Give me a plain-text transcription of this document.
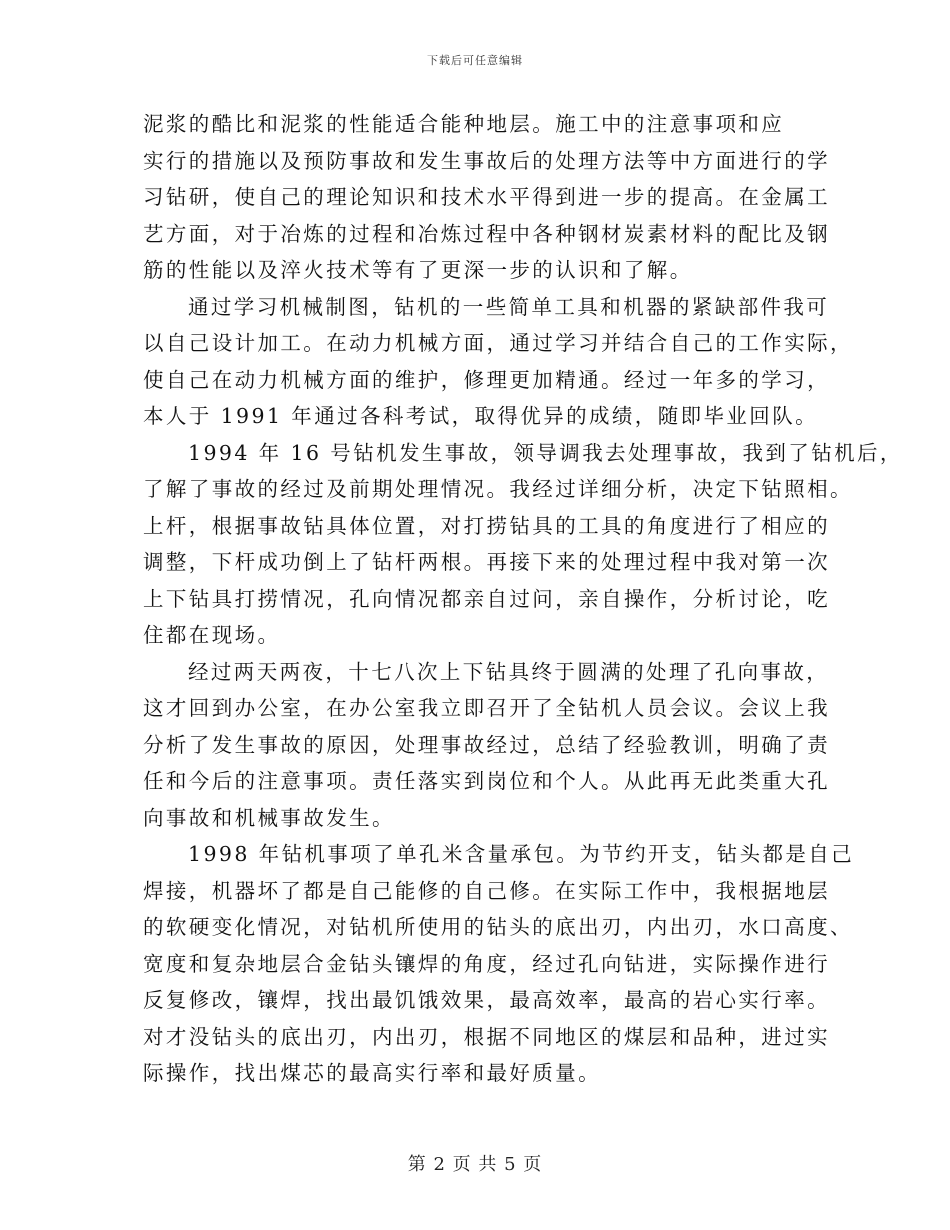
下载后可任意编辑
泥浆的酷比和泥浆的性能适合能种地层。施工中的注意事项和应
实行的措施以及预防事故和发生事故后的处理方法等中方面进行的学
习钻研，使自己的理论知识和技术水平得到进一步的提高。在金属工
艺方面，对于冶炼的过程和冶炼过程中各种钢材炭素材料的配比及钢
筋的性能以及淬火技术等有了更深一步的认识和了解。
通过学习机械制图，钻机的一些简单工具和机器的紧缺部件我可
以自己设计加工。在动力机械方面，通过学习并结合自己的工作实际，
使自己在动力机械方面的维护，修理更加精通。经过一年多的学习，
本人于 1991 年通过各科考试，取得优异的成绩，随即毕业回队。
1994 年 16 号钻机发生事故，领导调我去处理事故，我到了钻机后，
了解了事故的经过及前期处理情况。我经过详细分析，决定下钻照相。
上杆，根据事故钻具体位置，对打捞钻具的工具的角度进行了相应的
调整，下杆成功倒上了钻杆两根。再接下来的处理过程中我对第一次
上下钻具打捞情况，孔向情况都亲自过问，亲自操作，分析讨论，吃
住都在现场。
经过两天两夜，十七八次上下钻具终于圆满的处理了孔向事故，
这才回到办公室，在办公室我立即召开了全钻机人员会议。会议上我
分析了发生事故的原因，处理事故经过，总结了经验教训，明确了责
任和今后的注意事项。责任落实到岗位和个人。从此再无此类重大孔
向事故和机械事故发生。
1998 年钻机事项了单孔米含量承包。为节约开支，钻头都是自己
焊接，机器坏了都是自己能修的自己修。在实际工作中，我根据地层
的软硬变化情况，对钻机所使用的钻头的底出刃，内出刃，水口高度、
宽度和复杂地层合金钻头镶焊的角度，经过孔向钻进，实际操作进行
反复修改，镶焊，找出最饥饿效果，最高效率，最高的岩心实行率。
对才没钻头的底出刃，内出刃，根据不同地区的煤层和品种，进过实
际操作，找出煤芯的最高实行率和最好质量。
第 2 页 共 5 页
